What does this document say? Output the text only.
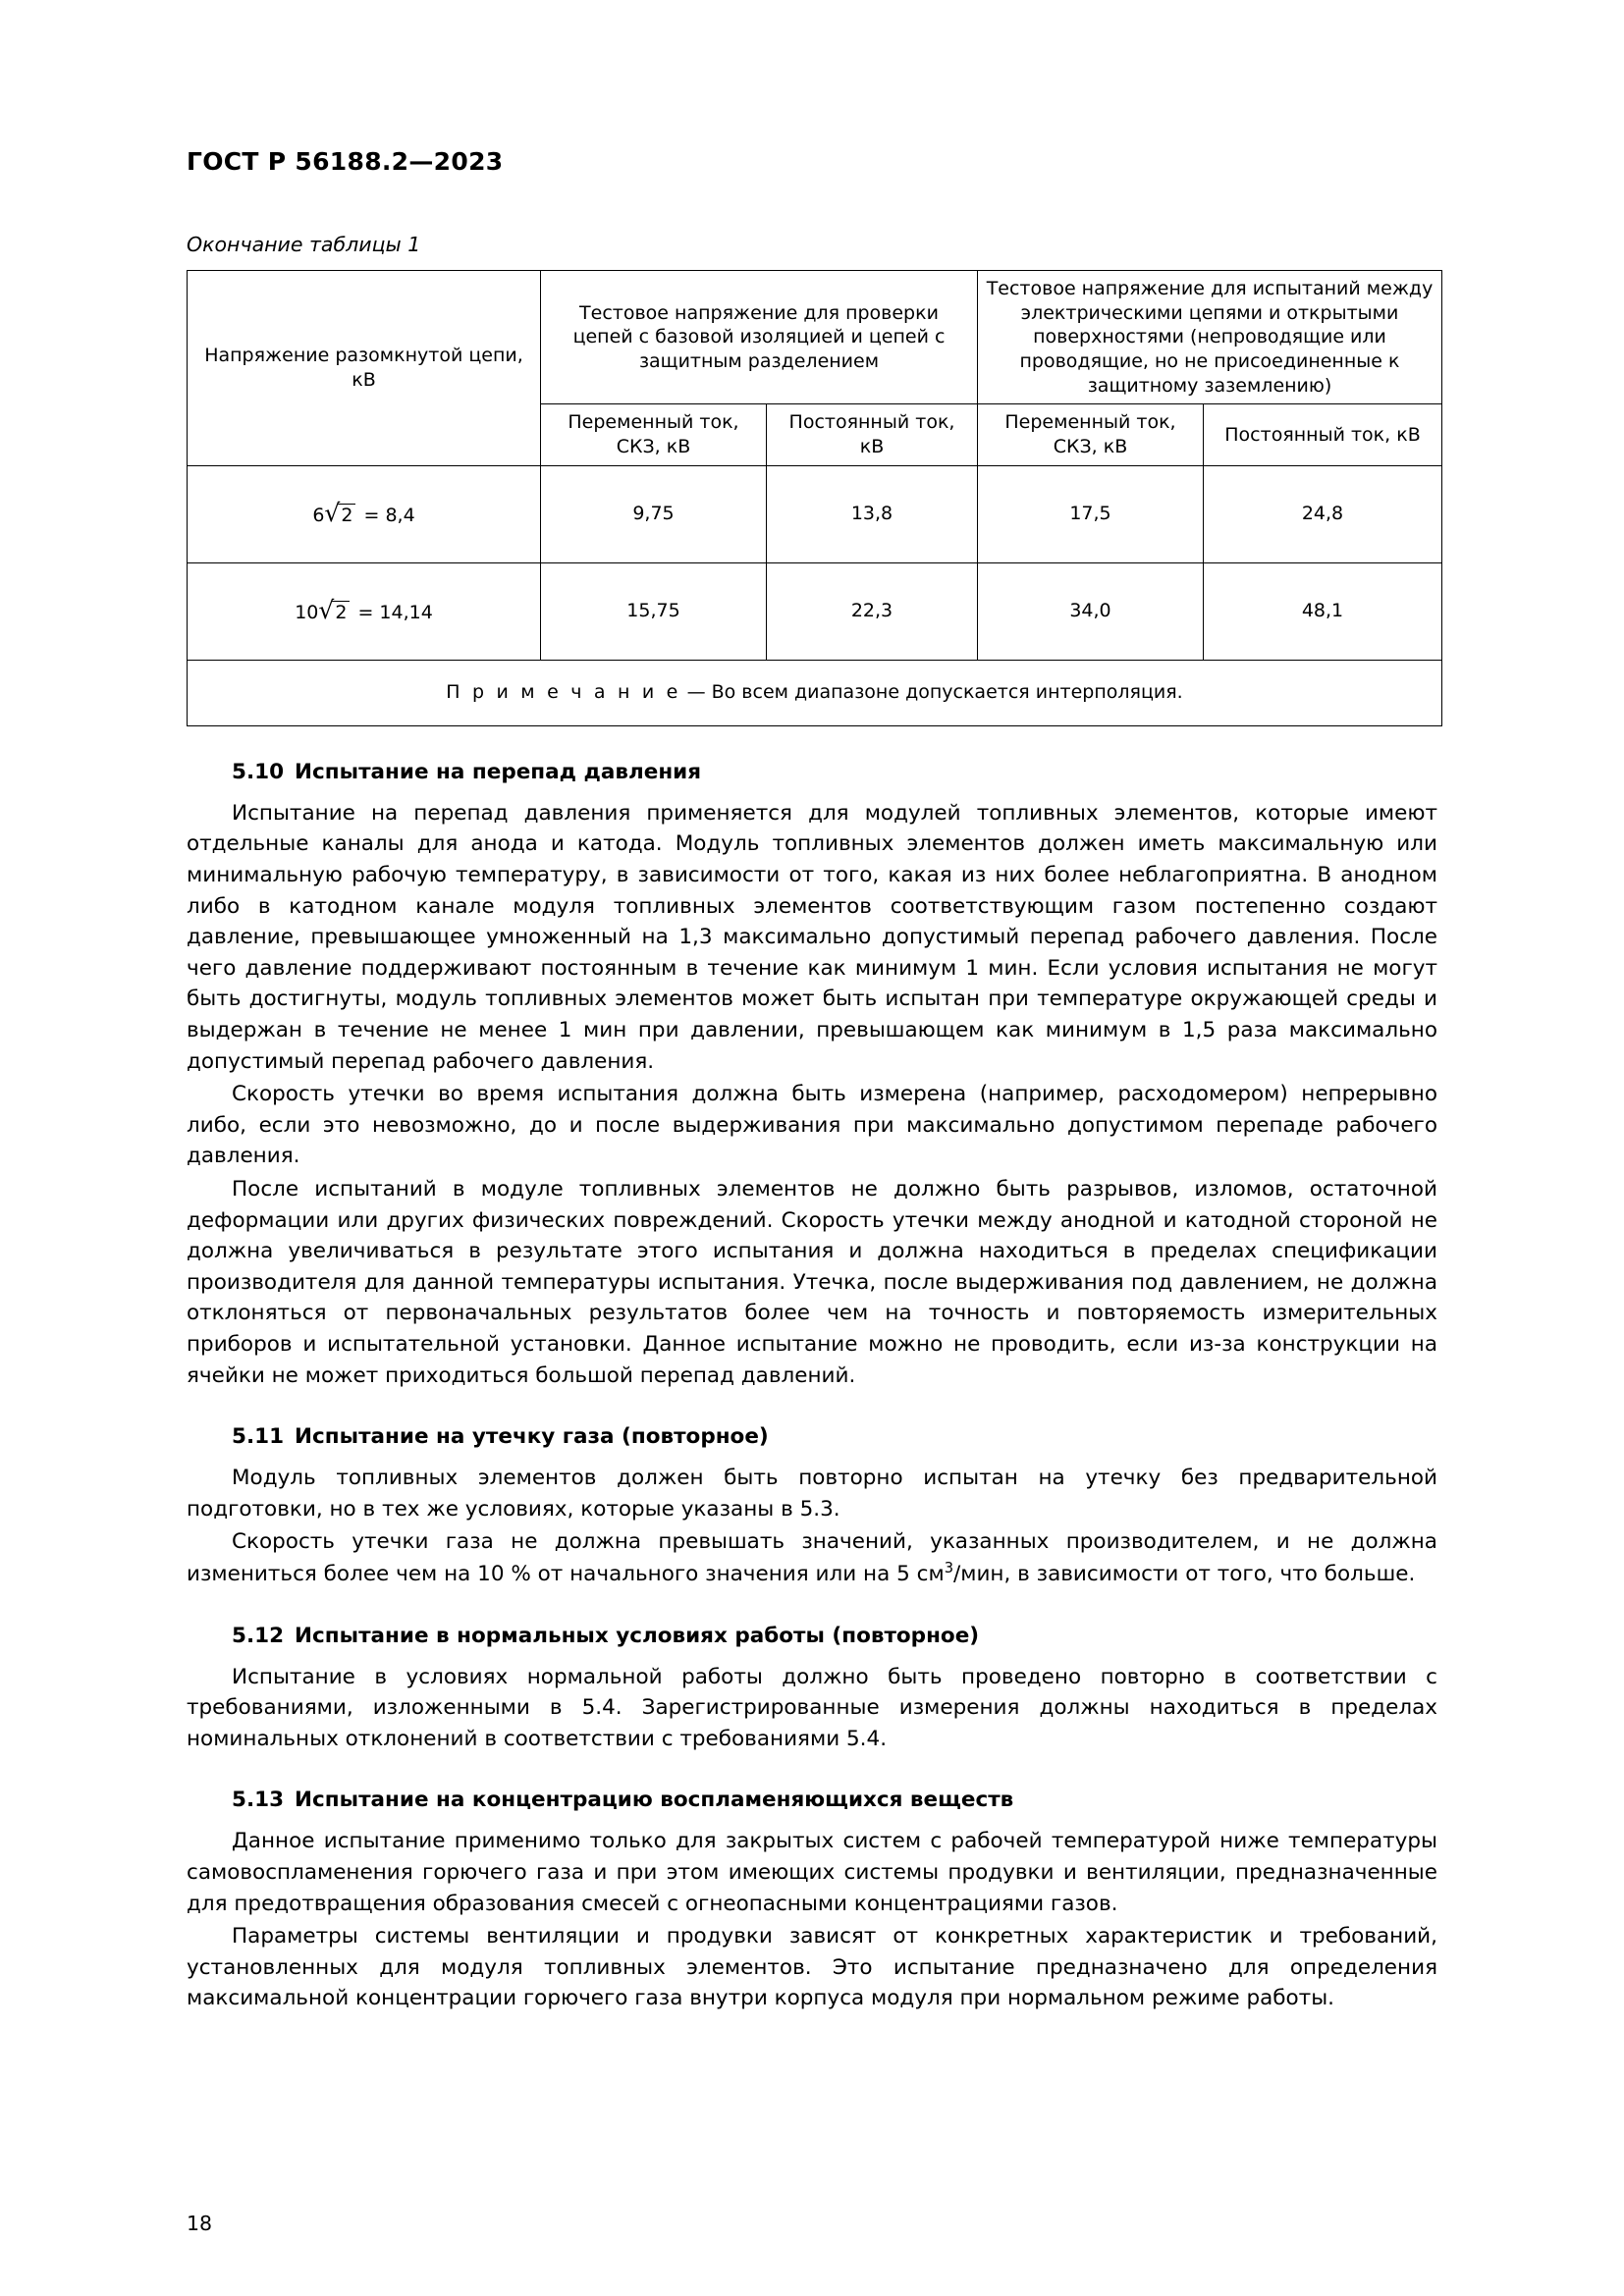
ГОСТ Р 56188.2—2023
Окончание таблицы 1
Напряжение разомкнутой цепи, кВ	Тестовое напряжение для проверки цепей с базовой изоляцией и цепей с защитным разделением		Тестовое напряжение для испытаний между электрическими цепями и открытыми поверхностями (непроводящие или проводящие, но не присоединенные к защитному заземлению)	
	Переменный ток, СКЗ, кВ	Постоянный ток, кВ	Переменный ток, СКЗ, кВ	Постоянный ток, кВ
6√2 = 8,4	9,75	13,8	17,5	24,8
10√2 = 14,14	15,75	22,3	34,0	48,1
П р и м е ч а н и е — Во всем диапазоне допускается интерполяция.				
5.10 Испытание на перепад давления

Испытание на перепад давления применяется для модулей топливных элементов, которые имеют отдельные каналы для анода и катода. Модуль топливных элементов должен иметь максимальную или минимальную рабочую температуру, в зависимости от того, какая из них более неблагоприятна. В анодном либо в катодном канале модуля топливных элементов соответствующим газом постепенно создают давление, превышающее умноженный на 1,3 максимально допустимый перепад рабочего давления. После чего давление поддерживают постоянным в течение как минимум 1 мин. Если условия испытания не могут быть достигнуты, модуль топливных элементов может быть испытан при температуре окружающей среды и выдержан в течение не менее 1 мин при давлении, превышающем как минимум в 1,5 раза максимально допустимый перепад рабочего давления.

Скорость утечки во время испытания должна быть измерена (например, расходомером) непрерывно либо, если это невозможно, до и после выдерживания при максимально допустимом перепаде рабочего давления.

После испытаний в модуле топливных элементов не должно быть разрывов, изломов, остаточной деформации или других физических повреждений. Скорость утечки между анодной и катодной стороной не должна увеличиваться в результате этого испытания и должна находиться в пределах спецификации производителя для данной температуры испытания. Утечка, после выдерживания под давлением, не должна отклоняться от первоначальных результатов более чем на точность и повторяемость измерительных приборов и испытательной установки. Данное испытание можно не проводить, если из-за конструкции на ячейки не может приходиться большой перепад давлений.

5.11 Испытание на утечку газа (повторное)

Модуль топливных элементов должен быть повторно испытан на утечку без предварительной подготовки, но в тех же условиях, которые указаны в 5.3.

Скорость утечки газа не должна превышать значений, указанных производителем, и не должна измениться более чем на 10 % от начального значения или на 5 $см^3$/мин, в зависимости от того, что больше.

5.12 Испытание в нормальных условиях работы (повторное)

Испытание в условиях нормальной работы должно быть проведено повторно в соответствии с требованиями, изложенными в 5.4. Зарегистрированные измерения должны находиться в пределах номинальных отклонений в соответствии с требованиями 5.4.

5.13 Испытание на концентрацию воспламеняющихся веществ

Данное испытание применимо только для закрытых систем с рабочей температурой ниже температуры самовоспламенения горючего газа и при этом имеющих системы продувки и вентиляции, предназначенные для предотвращения образования смесей с огнеопасными концентрациями газов.

Параметры системы вентиляции и продувки зависят от конкретных характеристик и требований, установленных для модуля топливных элементов. Это испытание предназначено для определения максимальной концентрации горючего газа внутри корпуса модуля при нормальном режиме работы.

18
